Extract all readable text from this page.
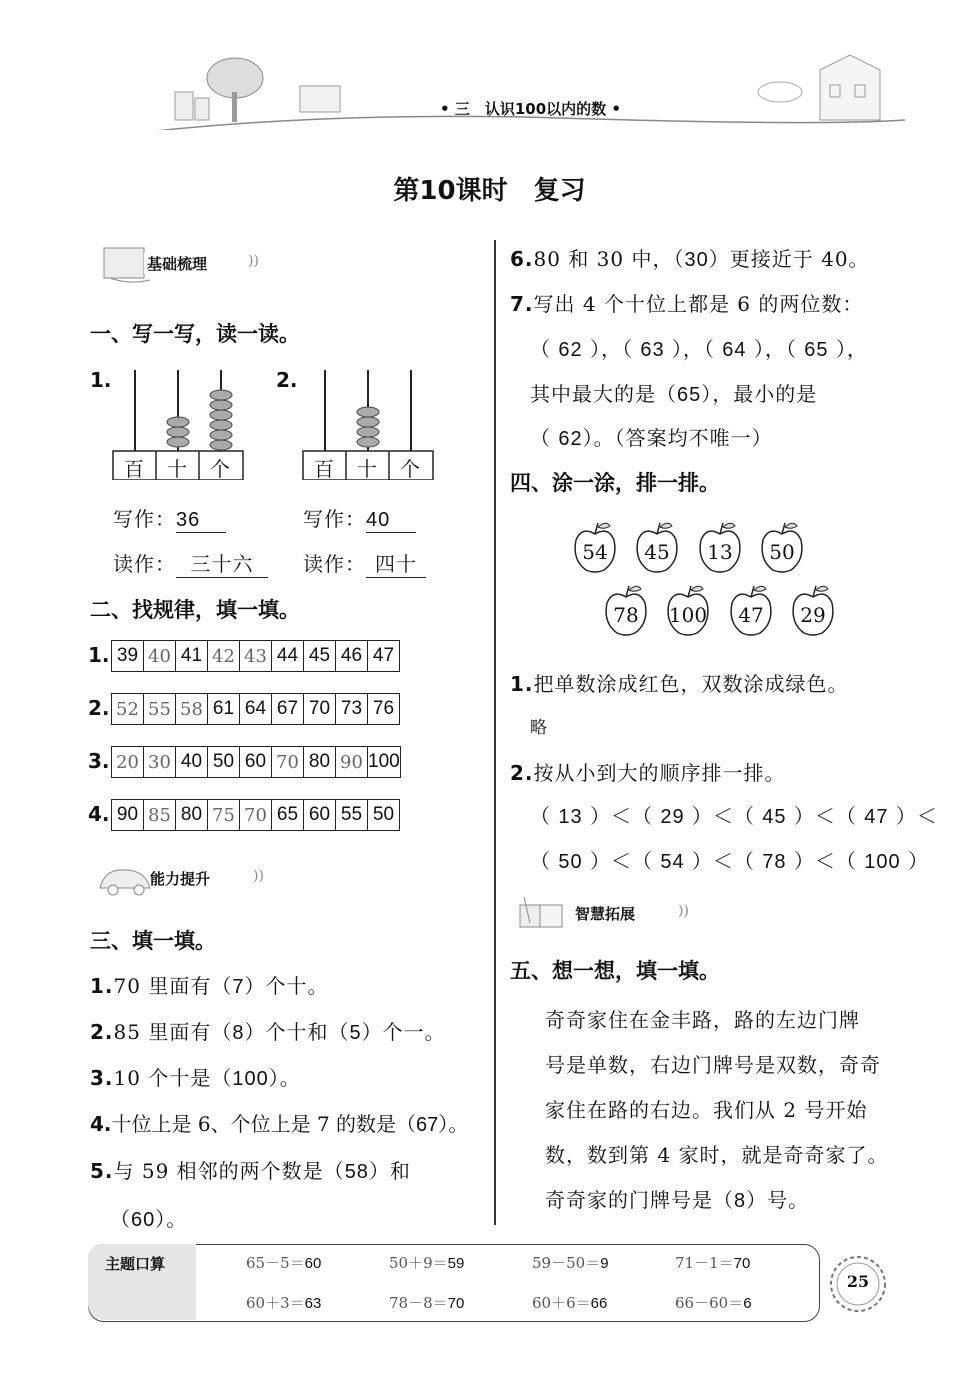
• 三　 认识100以内的数 •
第10课时　复习
基础梳理	))
一、写一写，读一读。
1.
百	十	个
2.
百	十	个
写作：36	写作：40
读作： 三十六	读作： 四十
二、找规律，填一填。
1. 39	40	41	42	43	44	45	46	47
2. 52	55	58	61	64	67	70	73	76
3. 20	30	40	50	60	70	80	90	100
4. 90	85	80	75	70	65	60	55	50
能力提升	))
三、填一填。
1.70 里面有（7）个十。
2.85 里面有（8）个十和（5）个一。
3.10 个十是（100）。
4.十位上是 6、个位上是 7 的数是（67）。
5.与 59 相邻的两个数是（58）和
（60）。
6.80 和 30 中，（30）更接近于 40。
7.写出 4 个十位上都是 6 的两位数：
（ 62 ），（ 63 ），（ 64 ），（ 65 ），
其中最大的是（65），最小的是
（ 62）。（答案均不唯一）
四、涂一涂，排一排。
54	45	13	50
78	100	47	29
1.把单数涂成红色，双数涂成绿色。
略
2.按从小到大的顺序排一排。
（ 13 ）＜（ 29 ）＜（ 45 ）＜（ 47 ）＜
（ 50 ）＜（ 54 ）＜（ 78 ）＜（ 100 ）
智慧拓展	))
五、想一想，填一填。
奇奇家住在金丰路，路的左边门牌
号是单数，右边门牌号是双数，奇奇
家住在路的右边。我们从 2 号开始
数，数到第 4 家时，就是奇奇家了。
奇奇家的门牌号是（8）号。
主题口算	65－5＝60	50＋9＝59	59－50＝9	71－1＝70
60＋3＝63	78－8＝70	60＋6＝66	66－60＝6
25
